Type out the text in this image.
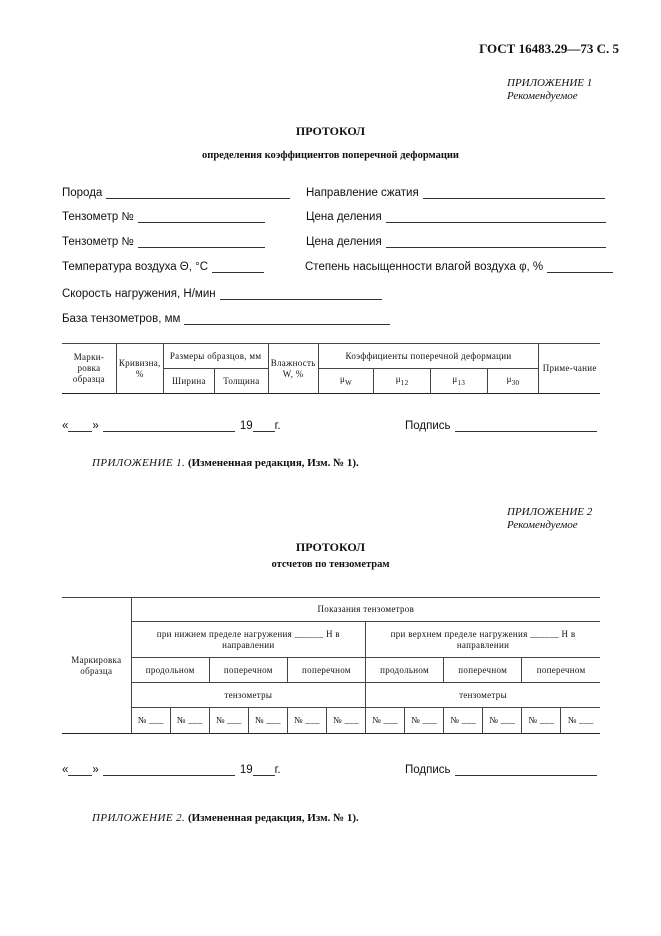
ГОСТ 16483.29—73 С. 5
ПРИЛОЖЕНИЕ 1
Рекомендуемое
ПРОТОКОЛ
определения коэффициентов поперечной деформации
Порода	Направление сжатия
Тензометр №	Цена деления
Тензометр №	Цена деления
Температура воздуха Θ, °С	Степень насыщенности влагой воздуха φ, %
Скорость нагружения, Н/мин
База тензометров, мм
Марки-ровка образца	Кривизна, %	Размеры образцов, мм		Влажность W, %	Коэффициенты поперечной деформации				Приме-чание
		Ширина	Толщина		$\mu_W$	$\mu_{12}$	$\mu_{13}$	$\mu_{30}$
« »	19 г.	Подпись
ПРИЛОЖЕНИЕ 1. (Измененная редакция, Изм. № 1).
ПРИЛОЖЕНИЕ 2
Рекомендуемое
ПРОТОКОЛ
отсчетов по тензометрам
Маркировка образца	Показания тензометров											
	при нижнем пределе нагружения ______ Н в направлении						при верхнем пределе нагружения ______ Н в направлении					
	продольном		поперечном		поперечном		продольном		поперечном		поперечном	
	тензометры						тензометры					
	№ ___	№ ___	№ ___	№ ___	№ ___	№ ___	№ ___	№ ___	№ ___	№ ___	№ ___	№ ___
« »	19 г.	Подпись
ПРИЛОЖЕНИЕ 2. (Измененная редакция, Изм. № 1).
